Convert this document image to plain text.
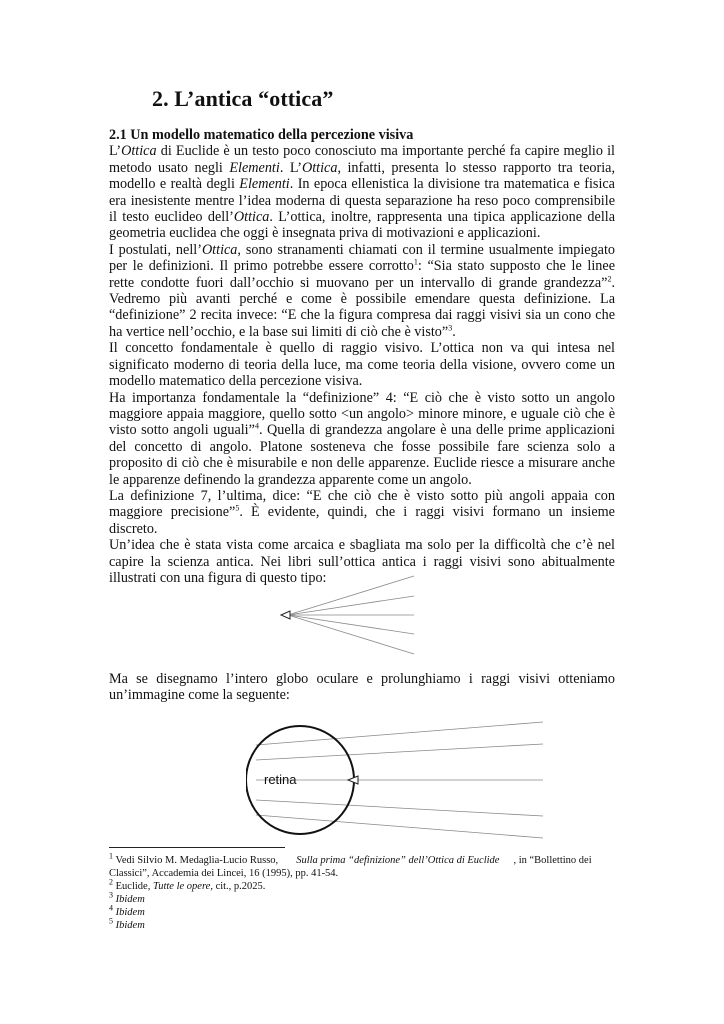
2. L’antica “ottica”
2.1 Un modello matematico della percezione visiva

L’Ottica di Euclide è un testo poco conosciuto ma importante perché fa capire meglio il metodo usato negli Elementi. L’Ottica, infatti, presenta lo stesso rapporto tra teoria, modello e realtà degli Elementi. In epoca ellenistica la divisione tra matematica e fisica era inesistente mentre l’idea moderna di questa separazione ha reso poco comprensibile il testo euclideo dell’Ottica. L’ottica, inoltre, rappresenta una tipica applicazione della geometria euclidea che oggi è insegnata priva di motivazioni e applicazioni.

I postulati, nell’Ottica, sono stranamenti chiamati con il termine usualmente impiegato per le definizioni. Il primo potrebbe essere corrotto$^1$: “Sia stato supposto che le linee rette condotte fuori dall’occhio si muovano per un intervallo di grande grandezza”$^2$. Vedremo più avanti perché e come è possibile emendare questa definizione. La “definizione” 2 recita invece: “E che la figura compresa dai raggi visivi sia un cono che ha vertice nell’occhio, e la base sui limiti di ciò che è visto”$^3$.

Il concetto fondamentale è quello di raggio visivo. L’ottica non va qui intesa nel significato moderno di teoria della luce, ma come teoria della visione, ovvero come un modello matematico della percezione visiva.

Ha importanza fondamentale la “definizione” 4: “E ciò che è visto sotto un angolo maggiore appaia maggiore, quello sotto <un angolo> minore minore, e uguale ciò che è visto sotto angoli uguali”$^4$. Quella di grandezza angolare è una delle prime applicazioni del concetto di angolo. Platone sosteneva che fosse possibile fare scienza solo a proposito di ciò che è misurabile e non delle apparenze. Euclide riesce a misurare anche le apparenze definendo la grandezza apparente come un angolo.

La definizione 7, l’ultima, dice: “E che ciò che è visto sotto più angoli appaia con maggiore precisione”$^5$. È evidente, quindi, che i raggi visivi formano un insieme discreto.

Un’idea che è stata vista come arcaica e sbagliata ma solo per la difficoltà che c’è nel capire la scienza antica. Nei libri sull’ottica antica i raggi visivi sono abitualmente illustrati con una figura di questo tipo:

Ma se disegnamo l’intero globo oculare e prolunghiamo i raggi visivi otteniamo un’immagine come la seguente:

retina
$^1$ Vedi Silvio M. Medaglia-Lucio Russo, Sulla prima “definizione” dell’Ottica di Euclide , in “Bollettino dei Classici”, Accademia dei Lincei, 16 (1995), pp. 41-54.
$^2$ Euclide, Tutte le opere, cit., p.2025.
$^3$ Ibidem
$^4$ Ibidem
$^5$ Ibidem
